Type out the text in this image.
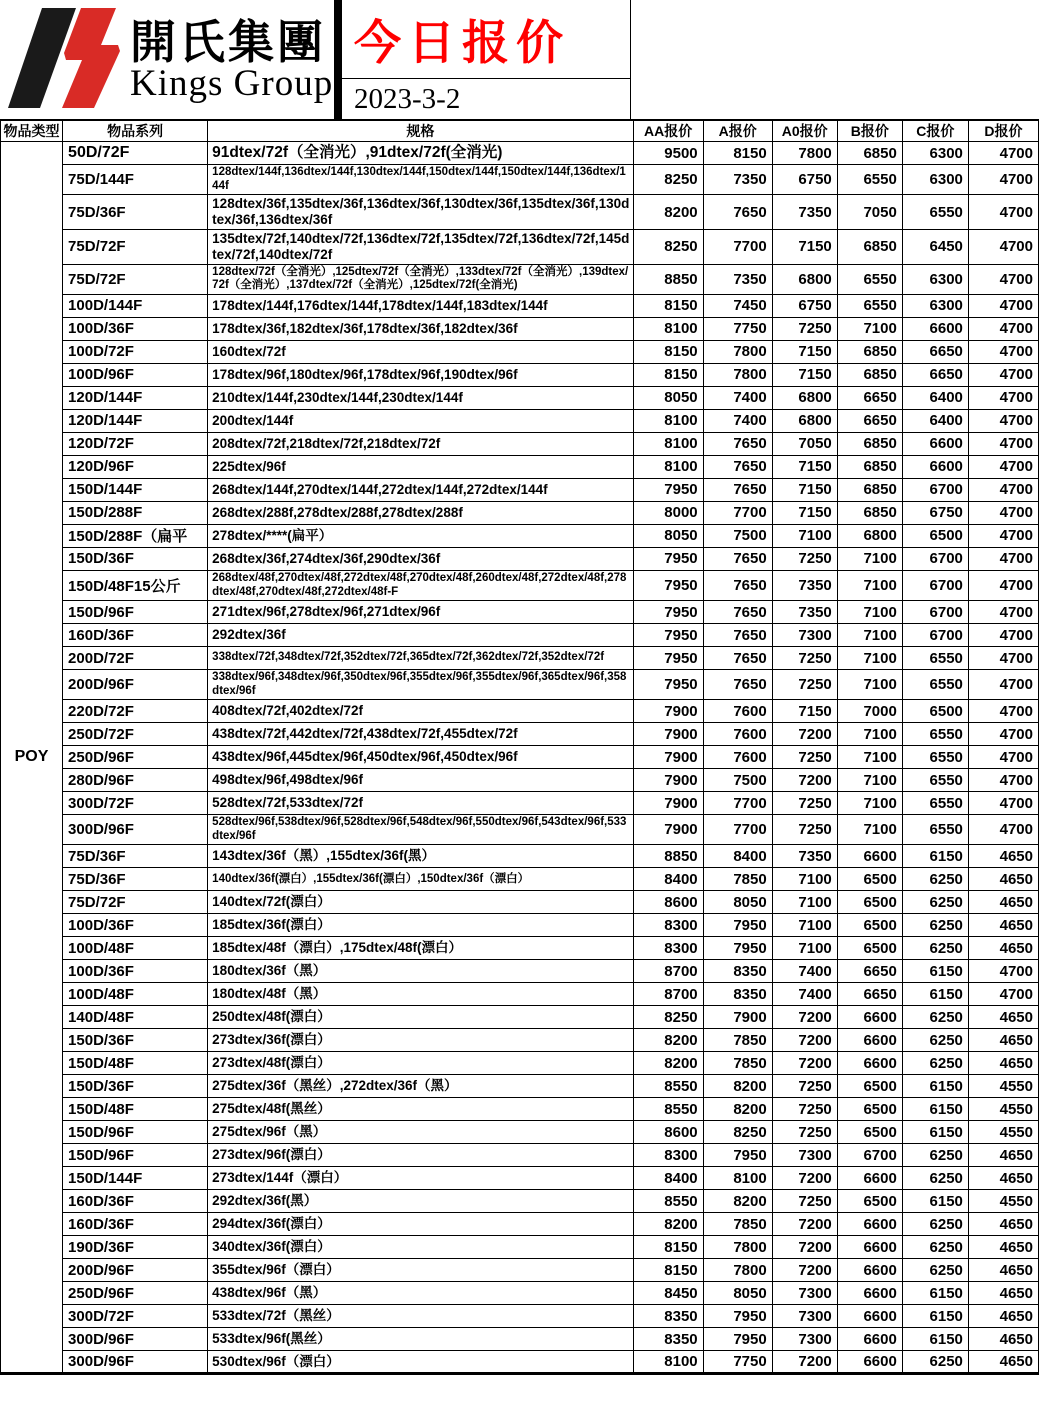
開氏集團
Kings Group
今日报价
2023-3-2
物品类型	物品系列	规格	AA报价	A报价	A0报价	B报价	C报价	D报价
POY	50D/72F	91dtex/72f（全消光）,91dtex/72f(全消光)	9500	8150	7800	6850	6300	4700
	75D/144F	128dtex/144f,136dtex/144f,130dtex/144f,150dtex/144f,150dtex/144f,136dtex/144f	8250	7350	6750	6550	6300	4700
	75D/36F	128dtex/36f,135dtex/36f,136dtex/36f,130dtex/36f,135dtex/36f,130dtex/36f,136dtex/36f	8200	7650	7350	7050	6550	4700
	75D/72F	135dtex/72f,140dtex/72f,136dtex/72f,135dtex/72f,136dtex/72f,145dtex/72f,140dtex/72f	8250	7700	7150	6850	6450	4700
	75D/72F	128dtex/72f（全消光）,125dtex/72f（全消光）,133dtex/72f（全消光）,139dtex/72f（全消光）,137dtex/72f（全消光）,125dtex/72f(全消光)	8850	7350	6800	6550	6300	4700
	100D/144F	178dtex/144f,176dtex/144f,178dtex/144f,183dtex/144f	8150	7450	6750	6550	6300	4700
	100D/36F	178dtex/36f,182dtex/36f,178dtex/36f,182dtex/36f	8100	7750	7250	7100	6600	4700
	100D/72F	160dtex/72f	8150	7800	7150	6850	6650	4700
	100D/96F	178dtex/96f,180dtex/96f,178dtex/96f,190dtex/96f	8150	7800	7150	6850	6650	4700
	120D/144F	210dtex/144f,230dtex/144f,230dtex/144f	8050	7400	6800	6650	6400	4700
	120D/144F	200dtex/144f	8100	7400	6800	6650	6400	4700
	120D/72F	208dtex/72f,218dtex/72f,218dtex/72f	8100	7650	7050	6850	6600	4700
	120D/96F	225dtex/96f	8100	7650	7150	6850	6600	4700
	150D/144F	268dtex/144f,270dtex/144f,272dtex/144f,272dtex/144f	7950	7650	7150	6850	6700	4700
	150D/288F	268dtex/288f,278dtex/288f,278dtex/288f	8000	7700	7150	6850	6750	4700
	150D/288F（扁平	278dtex/****(扁平）	8050	7500	7100	6800	6500	4700
	150D/36F	268dtex/36f,274dtex/36f,290dtex/36f	7950	7650	7250	7100	6700	4700
	150D/48F15公斤	268dtex/48f,270dtex/48f,272dtex/48f,270dtex/48f,260dtex/48f,272dtex/48f,278dtex/48f,270dtex/48f,272dtex/48f-F	7950	7650	7350	7100	6700	4700
	150D/96F	271dtex/96f,278dtex/96f,271dtex/96f	7950	7650	7350	7100	6700	4700
	160D/36F	292dtex/36f	7950	7650	7300	7100	6700	4700
	200D/72F	338dtex/72f,348dtex/72f,352dtex/72f,365dtex/72f,362dtex/72f,352dtex/72f	7950	7650	7250	7100	6550	4700
	200D/96F	338dtex/96f,348dtex/96f,350dtex/96f,355dtex/96f,355dtex/96f,365dtex/96f,358dtex/96f	7950	7650	7250	7100	6550	4700
	220D/72F	408dtex/72f,402dtex/72f	7900	7600	7150	7000	6500	4700
	250D/72F	438dtex/72f,442dtex/72f,438dtex/72f,455dtex/72f	7900	7600	7200	7100	6550	4700
	250D/96F	438dtex/96f,445dtex/96f,450dtex/96f,450dtex/96f	7900	7600	7250	7100	6550	4700
	280D/96F	498dtex/96f,498dtex/96f	7900	7500	7200	7100	6550	4700
	300D/72F	528dtex/72f,533dtex/72f	7900	7700	7250	7100	6550	4700
	300D/96F	528dtex/96f,538dtex/96f,528dtex/96f,548dtex/96f,550dtex/96f,543dtex/96f,533dtex/96f	7900	7700	7250	7100	6550	4700
	75D/36F	143dtex/36f（黑）,155dtex/36f(黑）	8850	8400	7350	6600	6150	4650
	75D/36F	140dtex/36f(漂白）,155dtex/36f(漂白）,150dtex/36f（漂白）	8400	7850	7100	6500	6250	4650
	75D/72F	140dtex/72f(漂白）	8600	8050	7100	6500	6250	4650
	100D/36F	185dtex/36f(漂白）	8300	7950	7100	6500	6250	4650
	100D/48F	185dtex/48f（漂白）,175dtex/48f(漂白）	8300	7950	7100	6500	6250	4650
	100D/36F	180dtex/36f（黑）	8700	8350	7400	6650	6150	4700
	100D/48F	180dtex/48f（黑）	8700	8350	7400	6650	6150	4700
	140D/48F	250dtex/48f(漂白）	8250	7900	7200	6600	6250	4650
	150D/36F	273dtex/36f(漂白）	8200	7850	7200	6600	6250	4650
	150D/48F	273dtex/48f(漂白）	8200	7850	7200	6600	6250	4650
	150D/36F	275dtex/36f（黑丝）,272dtex/36f（黑）	8550	8200	7250	6500	6150	4550
	150D/48F	275dtex/48f(黑丝）	8550	8200	7250	6500	6150	4550
	150D/96F	275dtex/96f（黑）	8600	8250	7250	6500	6150	4550
	150D/96F	273dtex/96f(漂白）	8300	7950	7300	6700	6250	4650
	150D/144F	273dtex/144f（漂白）	8400	8100	7200	6600	6250	4650
	160D/36F	292dtex/36f(黑）	8550	8200	7250	6500	6150	4550
	160D/36F	294dtex/36f(漂白）	8200	7850	7200	6600	6250	4650
	190D/36F	340dtex/36f(漂白）	8150	7800	7200	6600	6250	4650
	200D/96F	355dtex/96f（漂白）	8150	7800	7200	6600	6250	4650
	250D/96F	438dtex/96f（黑）	8450	8050	7300	6600	6150	4650
	300D/72F	533dtex/72f（黑丝）	8350	7950	7300	6600	6150	4650
	300D/96F	533dtex/96f(黑丝）	8350	7950	7300	6600	6150	4650
	300D/96F	530dtex/96f（漂白）	8100	7750	7200	6600	6250	4650
